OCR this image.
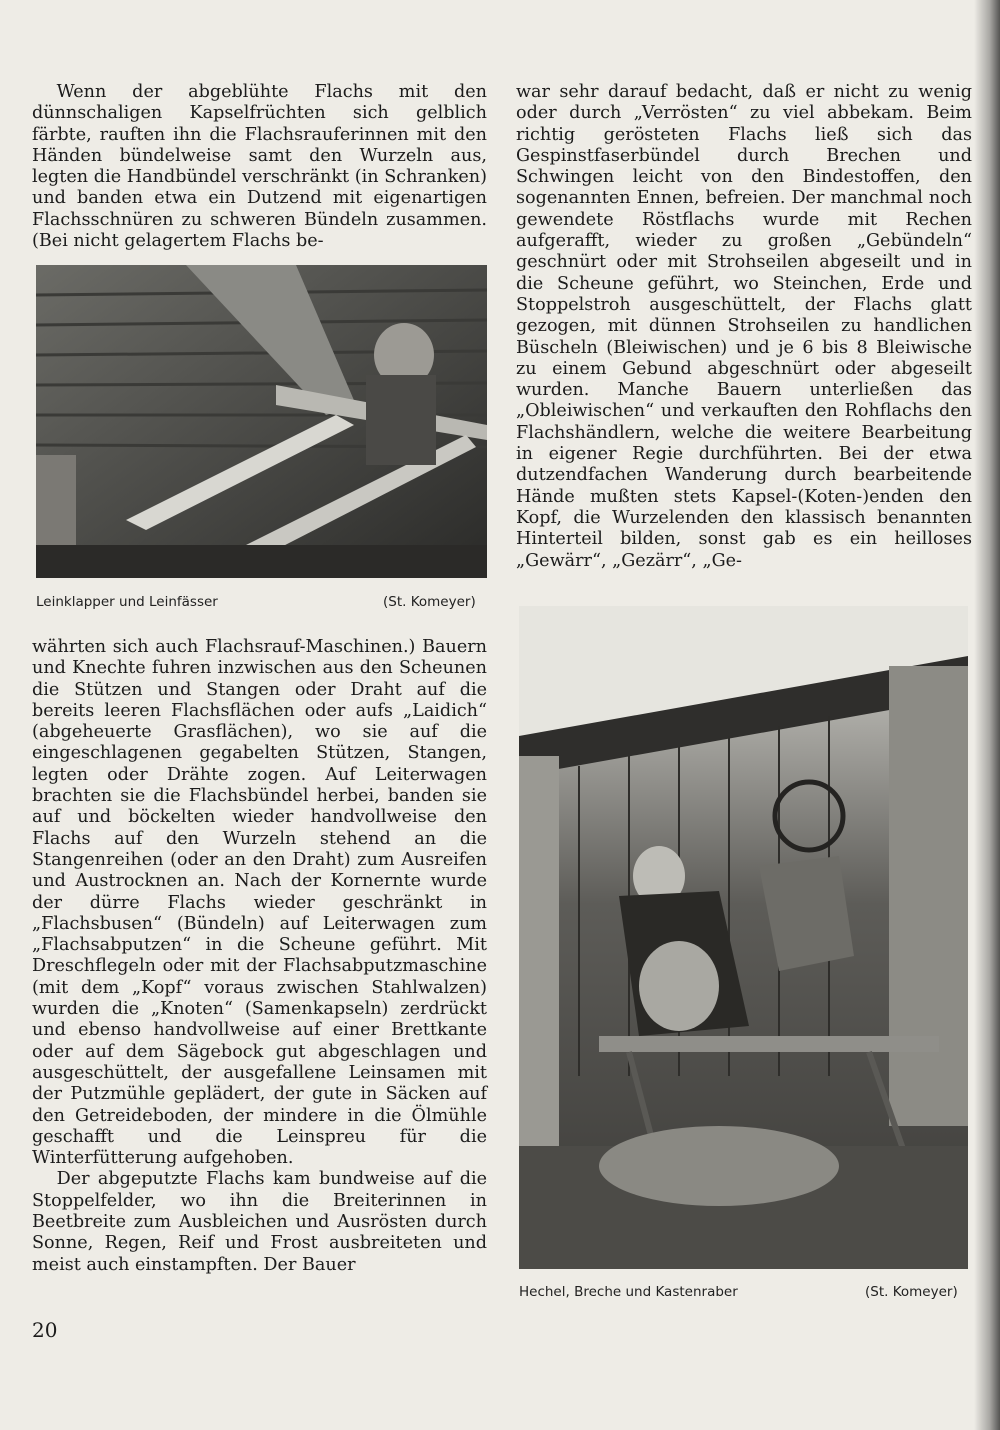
Wenn der abgeblühte Flachs mit den dünnschaligen Kapselfrüchten sich gelblich färbte, rauften ihn die Flachsrauferinnen mit den Händen bündelweise samt den Wurzeln aus, legten die Handbündel verschränkt (in Schranken) und banden etwa ein Dutzend mit eigenartigen Flachsschnüren zu schweren Bündeln zusammen. (Bei nicht gelagertem Flachs be-

Leinklapper und Leinfässer	(St. Komeyer)

währten sich auch Flachsrauf-Maschinen.) Bauern und Knechte fuhren inzwischen aus den Scheunen die Stützen und Stangen oder Draht auf die bereits leeren Flachsflächen oder aufs „Laidich“ (abgeheuerte Grasflächen), wo sie auf die eingeschlagenen gegabelten Stützen, Stangen, legten oder Drähte zogen. Auf Leiterwagen brachten sie die Flachsbündel herbei, banden sie auf und böckelten wieder handvollweise den Flachs auf den Wurzeln stehend an die Stangenreihen (oder an den Draht) zum Ausreifen und Austrocknen an. Nach der Kornernte wurde der dürre Flachs wieder geschränkt in „Flachsbusen“ (Bündeln) auf Leiterwagen zum „Flachsabputzen“ in die Scheune geführt. Mit Dreschflegeln oder mit der Flachsabputzmaschine (mit dem „Kopf“ voraus zwischen Stahlwalzen) wurden die „Knoten“ (Samenkapseln) zerdrückt und ebenso handvollweise auf einer Brettkante oder auf dem Sägebock gut abgeschlagen und ausgeschüttelt, der ausgefallene Leinsamen mit der Putzmühle geplädert, der gute in Säcken auf den Getreideboden, der mindere in die Ölmühle geschafft und die Leinspreu für die Winterfütterung aufgehoben.

Der abgeputzte Flachs kam bundweise auf die Stoppelfelder, wo ihn die Breiterinnen in Beetbreite zum Ausbleichen und Ausrösten durch Sonne, Regen, Reif und Frost ausbreiteten und meist auch einstampften. Der Bauer

war sehr darauf bedacht, daß er nicht zu wenig oder durch „Verrösten“ zu viel abbekam. Beim richtig gerösteten Flachs ließ sich das Gespinstfaserbündel durch Brechen und Schwingen leicht von den Bindestoffen, den sogenannten Ennen, befreien. Der manchmal noch gewendete Röstflachs wurde mit Rechen aufgerafft, wieder zu großen „Gebündeln“ geschnürt oder mit Strohseilen abgeseilt und in die Scheune geführt, wo Steinchen, Erde und Stoppelstroh ausgeschüttelt, der Flachs glatt gezogen, mit dünnen Strohseilen zu handlichen Büscheln (Bleiwischen) und je 6 bis 8 Bleiwische zu einem Gebund abgeschnürt oder abgeseilt wurden. Manche Bauern unterließen das „Obleiwischen“ und verkauften den Rohflachs den Flachshändlern, welche die weitere Bearbeitung in eigener Regie durchführten. Bei der etwa dutzendfachen Wanderung durch bearbeitende Hände mußten stets Kapsel-(Koten-)enden den Kopf, die Wurzelenden den klassisch benannten Hinterteil bilden, sonst gab es ein heilloses „Gewärr“, „Gezärr“, „Ge-

Hechel, Breche und Kastenraber	(St. Komeyer)
20
